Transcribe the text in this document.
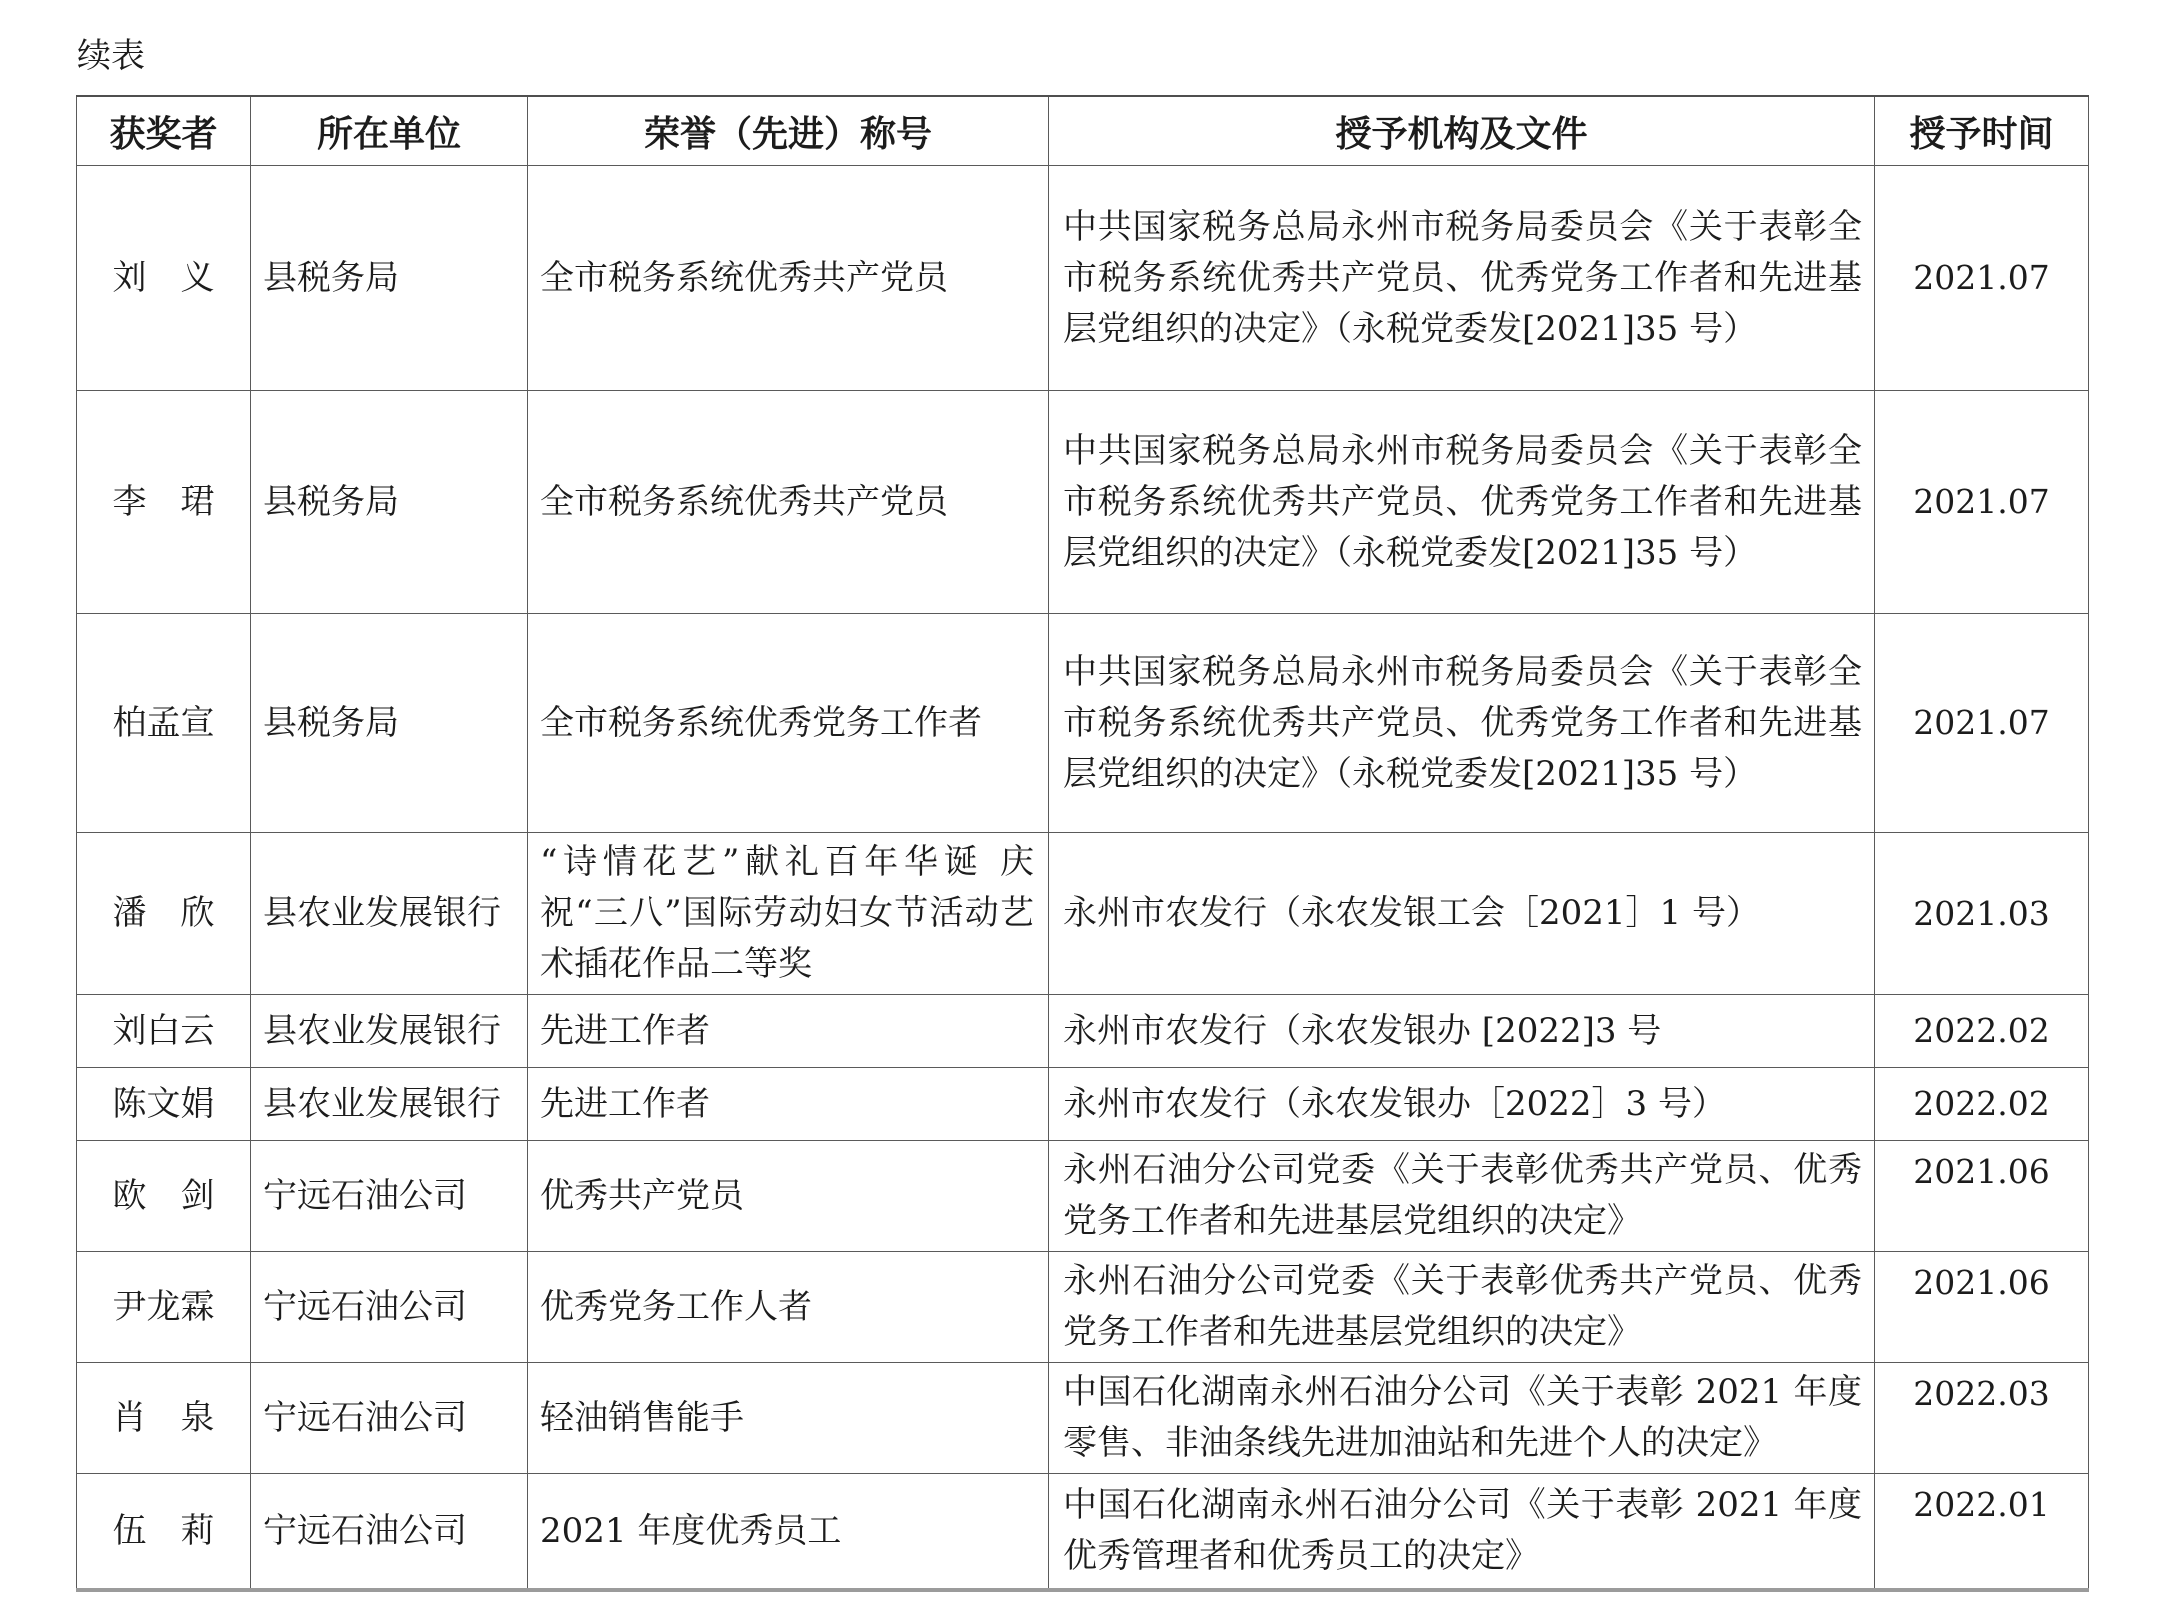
续表
获奖者	所在单位	荣誉（先进）称号	授予机构及文件	授予时间
刘　义	县税务局	全市税务系统优秀共产党员	中共国家税务总局永州市税务局委员会《关于表彰全市税务系统优秀共产党员、优秀党务工作者和先进基层党组织的决定》（永税党委发[2021]35 号）	2021.07
李　珺	县税务局	全市税务系统优秀共产党员	中共国家税务总局永州市税务局委员会《关于表彰全市税务系统优秀共产党员、优秀党务工作者和先进基层党组织的决定》（永税党委发[2021]35 号）	2021.07
柏孟宣	县税务局	全市税务系统优秀党务工作者	中共国家税务总局永州市税务局委员会《关于表彰全市税务系统优秀共产党员、优秀党务工作者和先进基层党组织的决定》（永税党委发[2021]35 号）	2021.07
潘　欣	县农业发展银行	“诗情花艺”献礼百年华诞 庆祝“三八”国际劳动妇女节活动艺术插花作品二等奖	永州市农发行（永农发银工会［2021］1 号）	2021.03
刘白云	县农业发展银行	先进工作者	永州市农发行（永农发银办 [2022]3 号	2022.02
陈文娟	县农业发展银行	先进工作者	永州市农发行（永农发银办［2022］3 号）	2022.02
欧　剑	宁远石油公司	优秀共产党员	永州石油分公司党委《关于表彰优秀共产党员、优秀党务工作者和先进基层党组织的决定》	2021.06
尹龙霖	宁远石油公司	优秀党务工作人者	永州石油分公司党委《关于表彰优秀共产党员、优秀党务工作者和先进基层党组织的决定》	2021.06
肖　泉	宁远石油公司	轻油销售能手	中国石化湖南永州石油分公司《关于表彰 2021 年度零售、非油条线先进加油站和先进个人的决定》	2022.03
伍　莉	宁远石油公司	2021 年度优秀员工	中国石化湖南永州石油分公司《关于表彰 2021 年度优秀管理者和优秀员工的决定》	2022.01
